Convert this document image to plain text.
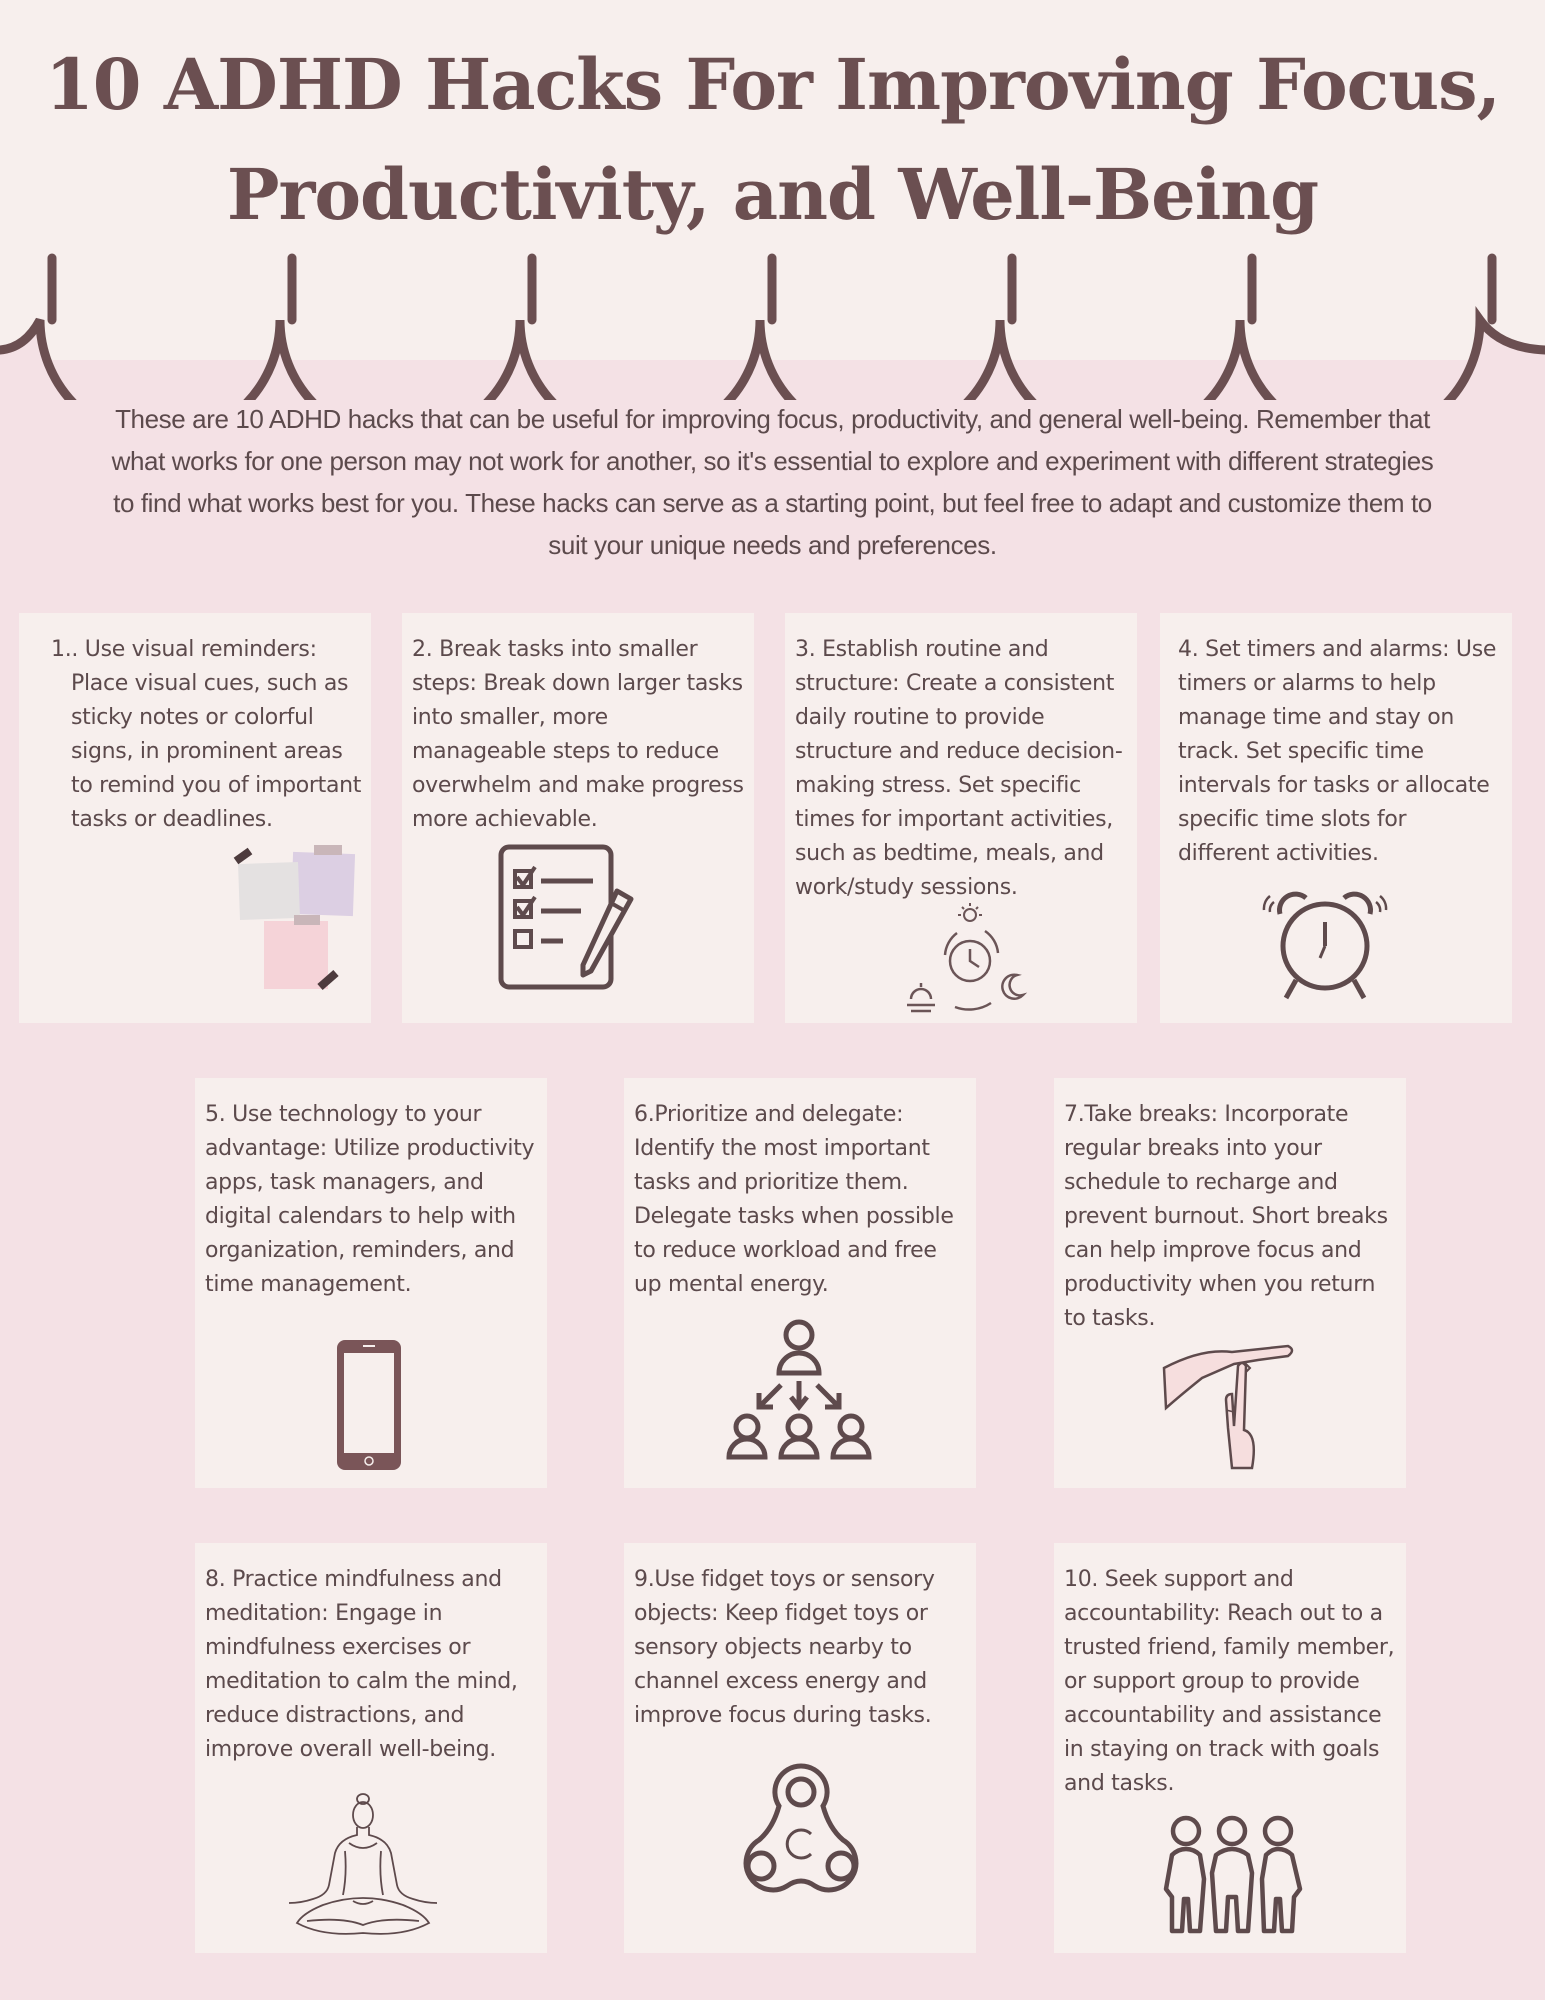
10 ADHD Hacks For Improving Focus,
Productivity, and Well-Being
These are 10 ADHD hacks that can be useful for improving focus, productivity, and general well-being. Remember that what works for one person may not work for another, so it's essential to explore and experiment with different strategies to find what works best for you. These hacks can serve as a starting point, but feel free to adapt and customize them to suit your unique needs and preferences.
1.. Use visual reminders: Place visual cues, such as sticky notes or colorful signs, in prominent areas to remind you of important tasks or deadlines.
2. Break tasks into smaller steps: Break down larger tasks into smaller, more manageable steps to reduce overwhelm and make progress more achievable.
3. Establish routine and structure: Create a consistent daily routine to provide structure and reduce decision-making stress. Set specific times for important activities, such as bedtime, meals, and work/study sessions.
4. Set timers and alarms: Use timers or alarms to help manage time and stay on track. Set specific time intervals for tasks or allocate specific time slots for different activities.
5. Use technology to your advantage: Utilize productivity apps, task managers, and digital calendars to help with organization, reminders, and time management.
6.Prioritize and delegate: Identify the most important tasks and prioritize them. Delegate tasks when possible to reduce workload and free up mental energy.
7.Take breaks: Incorporate regular breaks into your schedule to recharge and prevent burnout. Short breaks can help improve focus and productivity when you return to tasks.
8. Practice mindfulness and meditation: Engage in mindfulness exercises or meditation to calm the mind, reduce distractions, and improve overall well-being.
9.Use fidget toys or sensory objects: Keep fidget toys or sensory objects nearby to channel excess energy and improve focus during tasks.
10. Seek support and accountability: Reach out to a trusted friend, family member, or support group to provide accountability and assistance in staying on track with goals and tasks.
